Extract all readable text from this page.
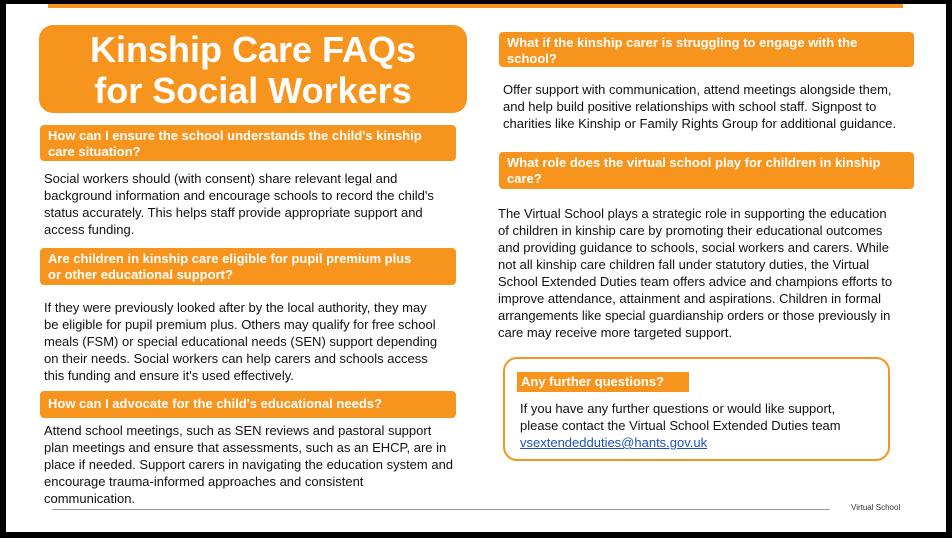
Kinship Care FAQs
for Social Workers
How can I ensure the school understands the child's kinship
care situation?
Social workers should (with consent) share relevant legal and
background information and encourage schools to record the child's
status accurately. This helps staff provide appropriate support and
access funding.
Are children in kinship care eligible for pupil premium plus
or other educational support?
If they were previously looked after by the local authority, they may
be eligible for pupil premium plus. Others may qualify for free school
meals (FSM) or special educational needs (SEN) support depending
on their needs. Social workers can help carers and schools access
this funding and ensure it's used effectively.
How can I advocate for the child's educational needs?
Attend school meetings, such as SEN reviews and pastoral support
plan meetings and ensure that assessments, such as an EHCP, are in
place if needed. Support carers in navigating the education system and
encourage trauma-informed approaches and consistent
communication.
What if the kinship carer is struggling to engage with the
school?
Offer support with communication, attend meetings alongside them,
and help build positive relationships with school staff. Signpost to
charities like Kinship or Family Rights Group for additional guidance.
What role does the virtual school play for children in kinship
care?
The Virtual School plays a strategic role in supporting the education
of children in kinship care by promoting their educational outcomes
and providing guidance to schools, social workers and carers. While
not all kinship care children fall under statutory duties, the Virtual
School Extended Duties team offers advice and champions efforts to
improve attendance, attainment and aspirations. Children in formal
arrangements like special guardianship orders or those previously in
care may receive more targeted support.
Any further questions?
If you have any further questions or would like support,
please contact the Virtual School Extended Duties team
vsextendedduties@hants.gov.uk
Virtual School
